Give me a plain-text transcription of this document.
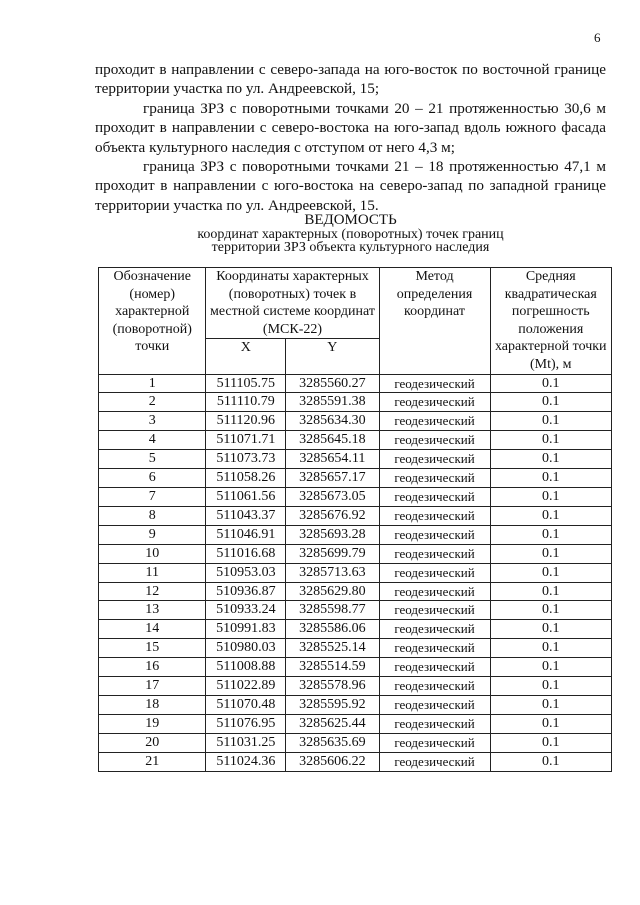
6

проходит в направлении с северо-запада на юго-восток по восточной границе территории участка по ул. Андреевской, 15;

граница ЗРЗ с поворотными точками 20 – 21 протяженностью 30,6 м проходит в направлении с северо-востока на юго-запад вдоль южного фасада объекта культурного наследия с отступом от него 4,3 м;

граница ЗРЗ с поворотными точками 21 – 18 протяженностью 47,1 м проходит в направлении с юго-востока на северо-запад по западной границе территории участка по ул. Андреевской, 15.

ВЕДОМОСТЬ
координат характерных (поворотных) точек границ
территории ЗРЗ объекта культурного наследия
Обозначение (номер) характерной (поворотной) точки	Координаты характерных (поворотных) точек в местной системе координат (МСК-22)		Метод определения координат	Средняя квадратическая погрешность положения характерной точки (Mt), м
	X	Y		
1	511105.75	3285560.27	геодезический	0.1
2	511110.79	3285591.38	геодезический	0.1
3	511120.96	3285634.30	геодезический	0.1
4	511071.71	3285645.18	геодезический	0.1
5	511073.73	3285654.11	геодезический	0.1
6	511058.26	3285657.17	геодезический	0.1
7	511061.56	3285673.05	геодезический	0.1
8	511043.37	3285676.92	геодезический	0.1
9	511046.91	3285693.28	геодезический	0.1
10	511016.68	3285699.79	геодезический	0.1
11	510953.03	3285713.63	геодезический	0.1
12	510936.87	3285629.80	геодезический	0.1
13	510933.24	3285598.77	геодезический	0.1
14	510991.83	3285586.06	геодезический	0.1
15	510980.03	3285525.14	геодезический	0.1
16	511008.88	3285514.59	геодезический	0.1
17	511022.89	3285578.96	геодезический	0.1
18	511070.48	3285595.92	геодезический	0.1
19	511076.95	3285625.44	геодезический	0.1
20	511031.25	3285635.69	геодезический	0.1
21	511024.36	3285606.22	геодезический	0.1
